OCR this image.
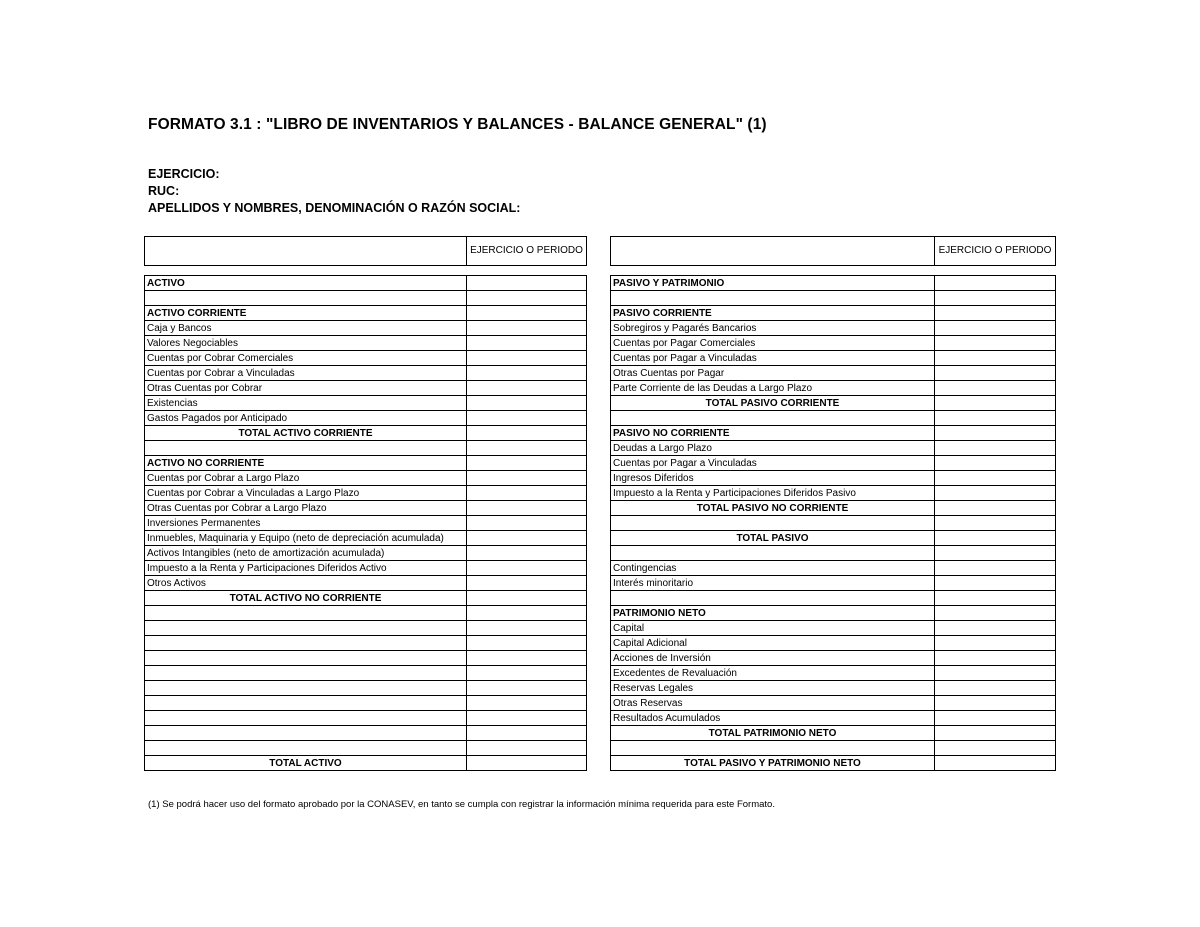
FORMATO 3.1 : "LIBRO DE INVENTARIOS Y BALANCES - BALANCE GENERAL" (1)
EJERCICIO:
RUC:
APELLIDOS Y NOMBRES, DENOMINACIÓN O RAZÓN SOCIAL:
	EJERCICIO O PERIODO

ACTIVO	

ACTIVO CORRIENTE	
Caja y Bancos	
Valores Negociables	
Cuentas por Cobrar Comerciales	
Cuentas por Cobrar a Vinculadas	
Otras Cuentas por Cobrar	
Existencias	
Gastos Pagados por Anticipado	
TOTAL ACTIVO CORRIENTE	

ACTIVO NO CORRIENTE	
Cuentas por Cobrar a Largo Plazo	
Cuentas por Cobrar a Vinculadas a Largo Plazo	
Otras Cuentas por Cobrar a Largo Plazo	
Inversiones Permanentes	
Inmuebles, Maquinaria y Equipo (neto de depreciación acumulada)	
Activos Intangibles (neto de amortización acumulada)	
Impuesto a la Renta y Participaciones Diferidos Activo	
Otros Activos	
TOTAL ACTIVO NO CORRIENTE	

TOTAL ACTIVO	
	EJERCICIO O PERIODO

PASIVO Y PATRIMONIO	

PASIVO CORRIENTE	
Sobregiros y Pagarés Bancarios	
Cuentas por Pagar Comerciales	
Cuentas por Pagar a Vinculadas	
Otras Cuentas por Pagar	
Parte Corriente de las Deudas a Largo Plazo	
TOTAL PASIVO CORRIENTE	

PASIVO NO CORRIENTE	
Deudas a Largo Plazo	
Cuentas por Pagar a Vinculadas	
Ingresos Diferidos	
Impuesto a la Renta y Participaciones Diferidos Pasivo	
TOTAL PASIVO NO CORRIENTE	

TOTAL PASIVO	

Contingencias	
Interés minoritario	

PATRIMONIO NETO	
Capital	
Capital Adicional	
Acciones de Inversión	
Excedentes de Revaluación	
Reservas Legales	
Otras Reservas	
Resultados Acumulados	
TOTAL PATRIMONIO NETO	

TOTAL PASIVO Y PATRIMONIO NETO	
(1) Se podrá hacer uso del formato aprobado por la CONASEV, en tanto se cumpla con registrar la información mínima requerida para este Formato.
